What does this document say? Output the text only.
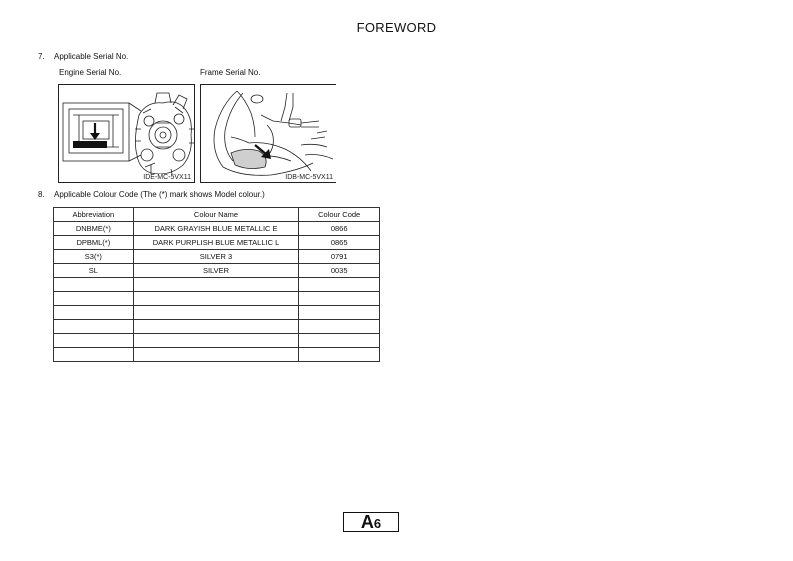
FOREWORD
7. Applicable Serial No.
Engine Serial No.	Frame Serial No.
IDE-MC-5VX11	IDB-MC-5VX11
8. Applicable Colour Code (The (*) mark shows Model colour.)
Abbreviation	Colour Name	Colour Code
DNBME(*)	DARK GRAYISH BLUE METALLIC E	0866
DPBML(*)	DARK PURPLISH BLUE METALLIC L	0865
S3(*)	SILVER 3	0791
SL	SILVER	0035

A6
